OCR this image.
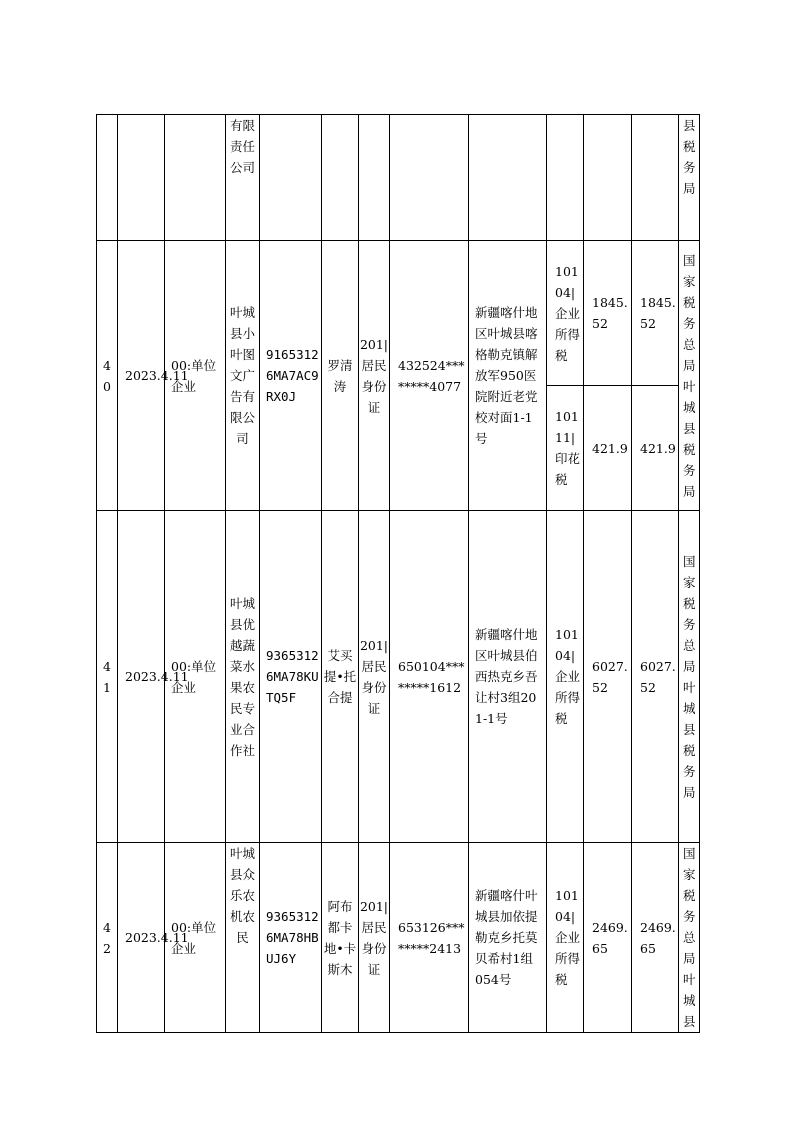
			有限责任公司									县税务局
40	2023.4.11	00:单位企业	叶城县小叶图文广告有限公司	91653126MA7AC9RX0J	罗清涛	201|居民身份证	432524********4077	新疆喀什地区叶城县喀格勒克镇解放军950医院附近老党校对面1-1号	10104|企业所得税	1845.52	1845.52	国家税务总局叶城县税务局
									10111|印花税	421.9	421.9	
41	2023.4.11	00:单位企业	叶城县优越蔬菜水果农民专业合作社	93653126MA78KUTQ5F	艾买提•托合提	201|居民身份证	650104********1612	新疆喀什地区叶城县伯西热克乡吾让村3组201-1号	10104|企业所得税	6027.52	6027.52	国家税务总局叶城县税务局
42	2023.4.11	00:单位企业	叶城县众乐农机农民	93653126MA78HBUJ6Y	阿布都卡地•卡斯木	201|居民身份证	653126********2413	新疆喀什叶城县加依提勒克乡托莫贝希村1组054号	10104|企业所得税	2469.65	2469.65	国家税务总局叶城县
